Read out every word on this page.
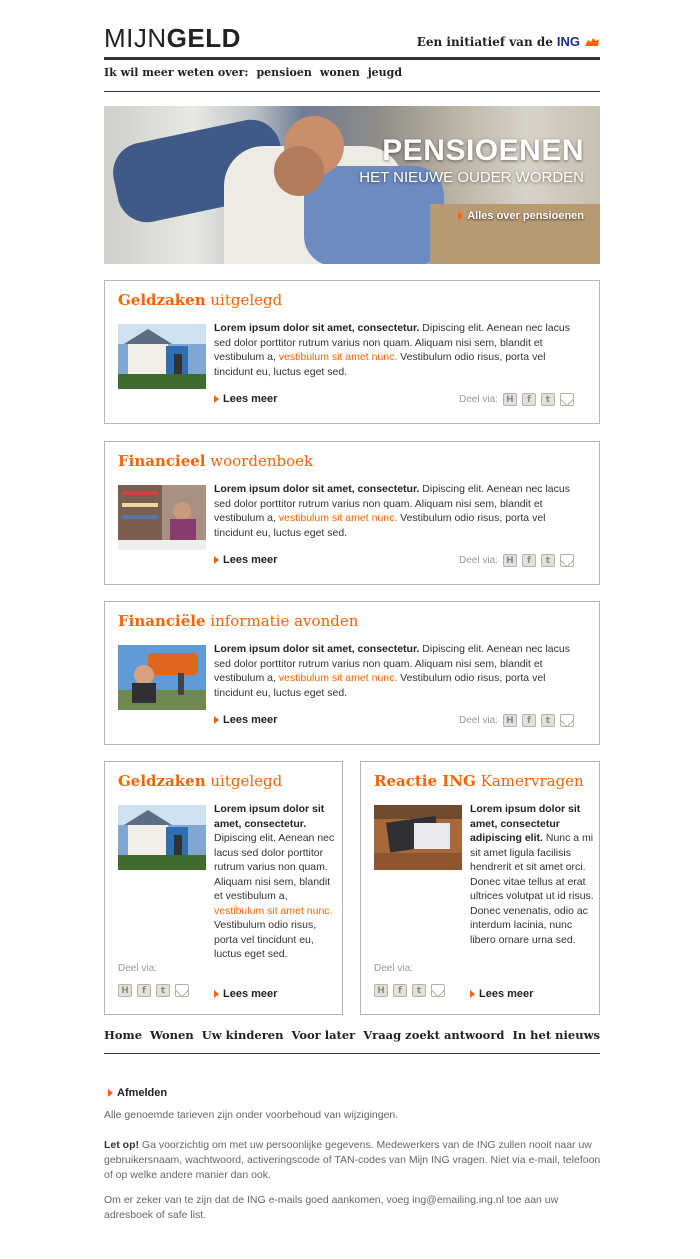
MIJNGELD	Een initiatief van de ING
Ik wil meer weten over: pensioen wonen jeugd
PENSIOENEN
HET NIEUWE OUDER WORDEN
Alles over pensioenen
Geldzaken uitgelegd
Lorem ipsum dolor sit amet, consectetur. Dipiscing elit. Aenean nec lacus sed dolor porttitor rutrum varius non quam. Aliquam nisi sem, blandit et vestibulum a, vestibulum sit amet nunc. Vestibulum odio risus, porta vel tincidunt eu, luctus eget sed.
Lees meer	Deel via: H	f	t
Financieel woordenboek
Lorem ipsum dolor sit amet, consectetur. Dipiscing elit. Aenean nec lacus sed dolor porttitor rutrum varius non quam. Aliquam nisi sem, blandit et vestibulum a, vestibulum sit amet nunc. Vestibulum odio risus, porta vel tincidunt eu, luctus eget sed.
Lees meer	Deel via: H	f	t
Financiële informatie avonden
Lorem ipsum dolor sit amet, consectetur. Dipiscing elit. Aenean nec lacus sed dolor porttitor rutrum varius non quam. Aliquam nisi sem, blandit et vestibulum a, vestibulum sit amet nunc. Vestibulum odio risus, porta vel tincidunt eu, luctus eget sed.
Lees meer	Deel via: H	f	t
Geldzaken uitgelegd
Lorem ipsum dolor sit amet, consectetur. Dipiscing elit. Aenean nec lacus sed dolor porttitor rutrum varius non quam. Aliquam nisi sem, blandit et vestibulum a, vestibulum sit amet nunc. Vestibulum odio risus, porta vel tincidunt eu, luctus eget sed.
Deel via:
H	f	t	Lees meer
Reactie ING Kamervragen
Lorem ipsum dolor sit amet, consectetur adipiscing elit. Nunc a mi sit amet ligula facilisis hendrerit et sit amet orci. Donec vitae tellus at erat ultrices volutpat ut id risus. Donec venenatis, odio ac interdum lacinia, nunc libero ornare urna sed.
Deel via:
H	f	t	Lees meer
Home Wonen Uw kinderen Voor later Vraag zoekt antwoord In het nieuws
Afmelden
Alle genoemde tarieven zijn onder voorbehoud van wijzigingen.
Let op! Ga voorzichtig om met uw persoonlijke gegevens. Medewerkers van de ING zullen nooit naar uw gebruikersnaam, wachtwoord, activeringscode of TAN-codes van Mijn ING vragen. Niet via e-mail, telefoon of op welke andere manier dan ook.
Om er zeker van te zijn dat de ING e-mails goed aankomen, voeg ing@emailing.ing.nl toe aan uw adresboek of safe list.
